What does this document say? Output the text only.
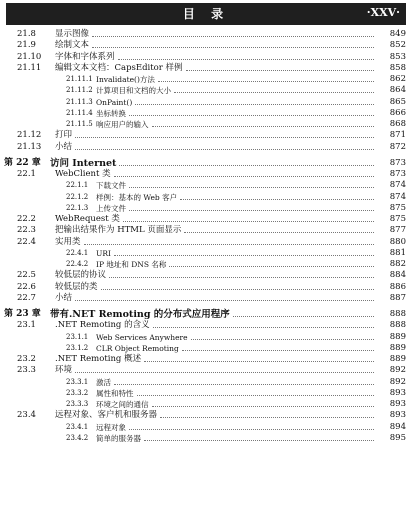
目 录	·XXV·
21.8 显示图像	849
21.9 绘制文本	852
21.10 字体和字体系列	853
21.11 编辑文本文档：CapsEditor 样例	858
21.11.1 Invalidate()方法	862
21.11.2 计算项目和文档的大小	864
21.11.3 OnPaint()	865
21.11.4 坐标转换	866
21.11.5 响应用户的输入	868
21.12 打印	871
21.13 小结	872
第 22 章 访问 Internet	873
22.1 WebClient 类	873
22.1.1 下载文件	874
22.1.2 样例：基本的 Web 客户	874
22.1.3 上传文件	875
22.2 WebRequest 类	875
22.3 把输出结果作为 HTML 页面显示	877
22.4 实用类	880
22.4.1 URI	881
22.4.2 IP 地址和 DNS 名称	882
22.5 较低层的协议	884
22.6 较低层的类	886
22.7 小结	887
第 23 章 带有.NET Remoting 的分布式应用程序	888
23.1 .NET Remoting 的含义	888
23.1.1 Web Services Anywhere	889
23.1.2 CLR Object Remoting	889
23.2 .NET Remoting 概述	889
23.3 环境	892
23.3.1 激活	892
23.3.2 属性和特性	893
23.3.3 环境之间的通信	893
23.4 远程对象、客户机和服务器	893
23.4.1 远程对象	894
23.4.2 简单的服务器	895
